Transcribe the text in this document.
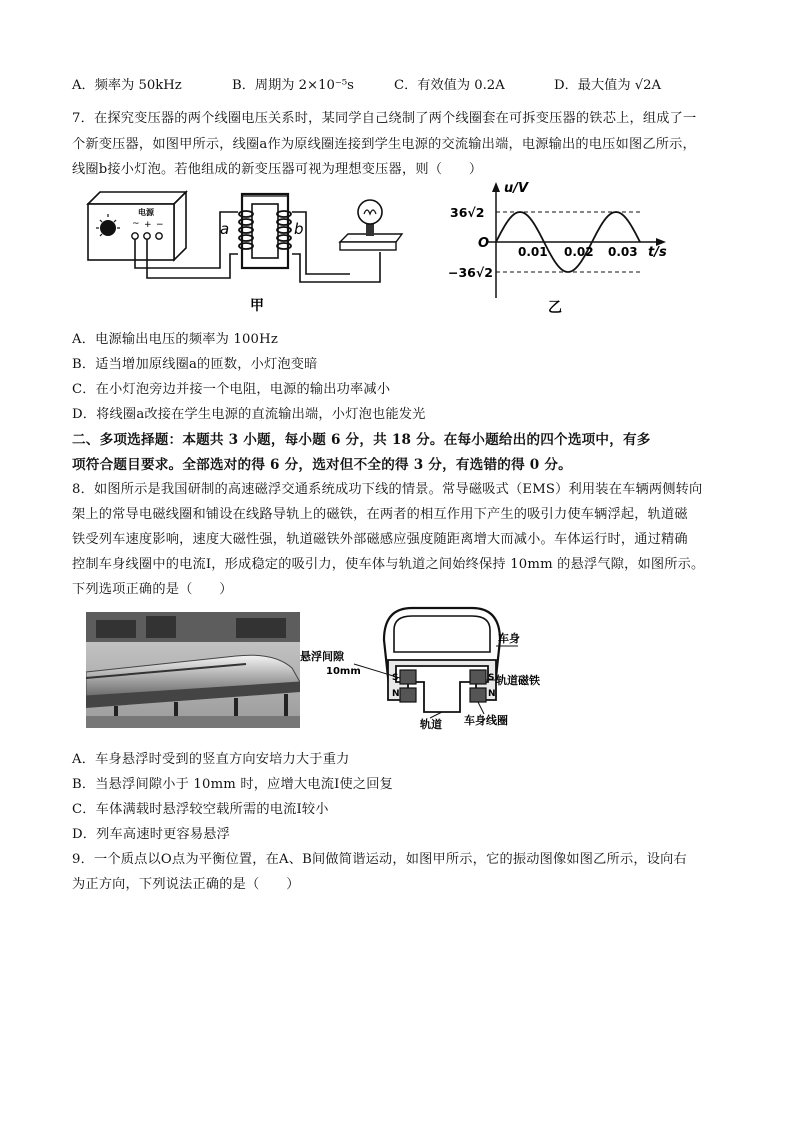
A．频率为 50kHz	B．周期为 2×10⁻⁵s	C．有效值为 0.2A	D．最大值为 √2A
7．在探究变压器的两个线圈电压关系时，某同学自己绕制了两个线圈套在可拆变压器的铁芯上，组成了一
个新变压器，如图甲所示，线圈a作为原线圈连接到学生电源的交流输出端，电源输出的电压如图乙所示，
线圈b接小灯泡。若他组成的新变压器可视为理想变压器，则（　　）
电源
~ + −	a	b
甲
u/V
t/s
O
36√2
−36√2
0.01 0.02 0.03
乙
A．电源输出电压的频率为 100Hz
B．适当增加原线圈a的匝数，小灯泡变暗
C．在小灯泡旁边并接一个电阻，电源的输出功率减小
D．将线圈a改接在学生电源的直流输出端，小灯泡也能发光
二、多项选择题：本题共 3 小题，每小题 6 分，共 18 分。在每小题给出的四个选项中，有多
项符合题目要求。全部选对的得 6 分，选对但不全的得 3 分，有选错的得 0 分。
8．如图所示是我国研制的高速磁浮交通系统成功下线的情景。常导磁吸式（EMS）利用装在车辆两侧转向
架上的常导电磁线圈和铺设在线路导轨上的磁铁，在两者的相互作用下产生的吸引力使车辆浮起，轨道磁
铁受列车速度影响，速度大磁性强，轨道磁铁外部磁感应强度随距离增大而减小。车体运行时，通过精确
控制车身线圈中的电流I，形成稳定的吸引力，使车体与轨道之间始终保持 10mm 的悬浮气隙，如图所示。
下列选项正确的是（　　）
S
N
S
N
悬浮间隙
10mm
车身
轨道磁铁
轨道 车身线圈
A．车身悬浮时受到的竖直方向安培力大于重力
B．当悬浮间隙小于 10mm 时，应增大电流I使之回复
C．车体满载时悬浮较空载所需的电流I较小
D．列车高速时更容易悬浮
9．一个质点以O点为平衡位置，在A、B间做简谐运动，如图甲所示，它的振动图像如图乙所示，设向右
为正方向，下列说法正确的是（　　）
